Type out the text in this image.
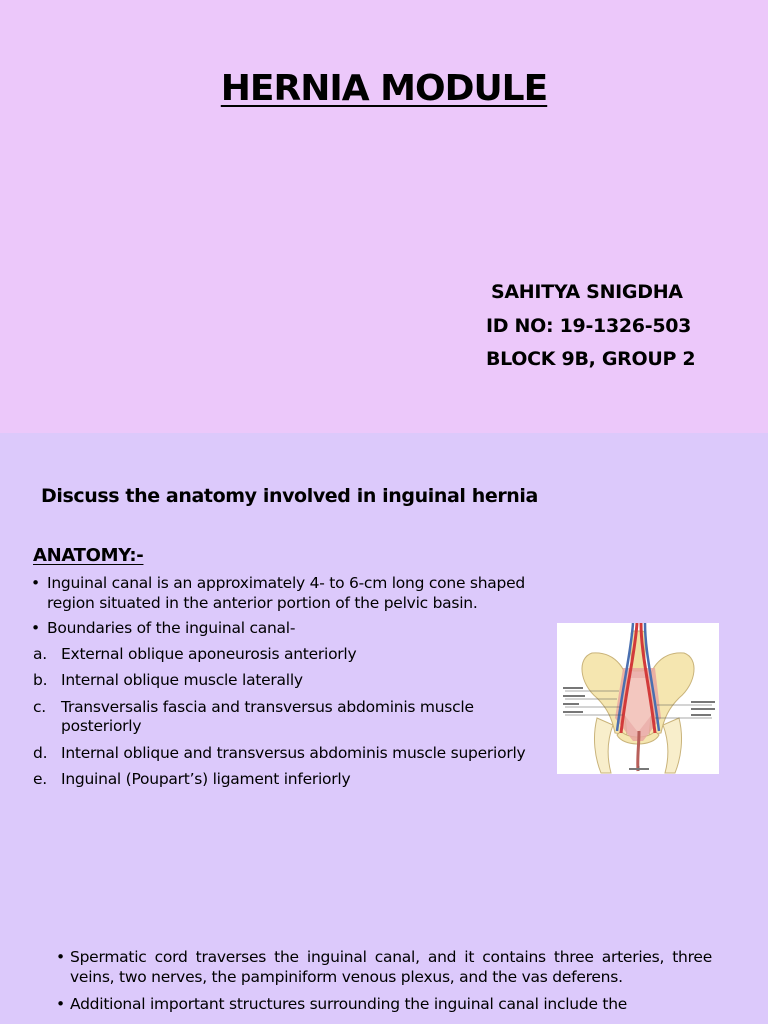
HERNIA MODULE
SAHITYA SNIGDHA
ID NO: 19-1326-503
BLOCK 9B, GROUP 2
Discuss the anatomy involved in inguinal hernia
ANATOMY:-
• Inguinal canal is an approximately 4- to 6-cm long cone shaped region situated in the anterior portion of the pelvic basin.
• Boundaries of the inguinal canal-
a. External oblique aponeurosis anteriorly
b. Internal oblique muscle laterally
c. Transversalis fascia and transversus abdominis muscle posteriorly
d. Internal oblique and transversus abdominis muscle superiorly
e. Inguinal (Poupart’s) ligament inferiorly
• Spermatic cord traverses the inguinal canal, and it contains three arteries, three veins, two nerves, the pampiniform venous plexus, and the vas deferens.
• Additional important structures surrounding the inguinal canal include the
